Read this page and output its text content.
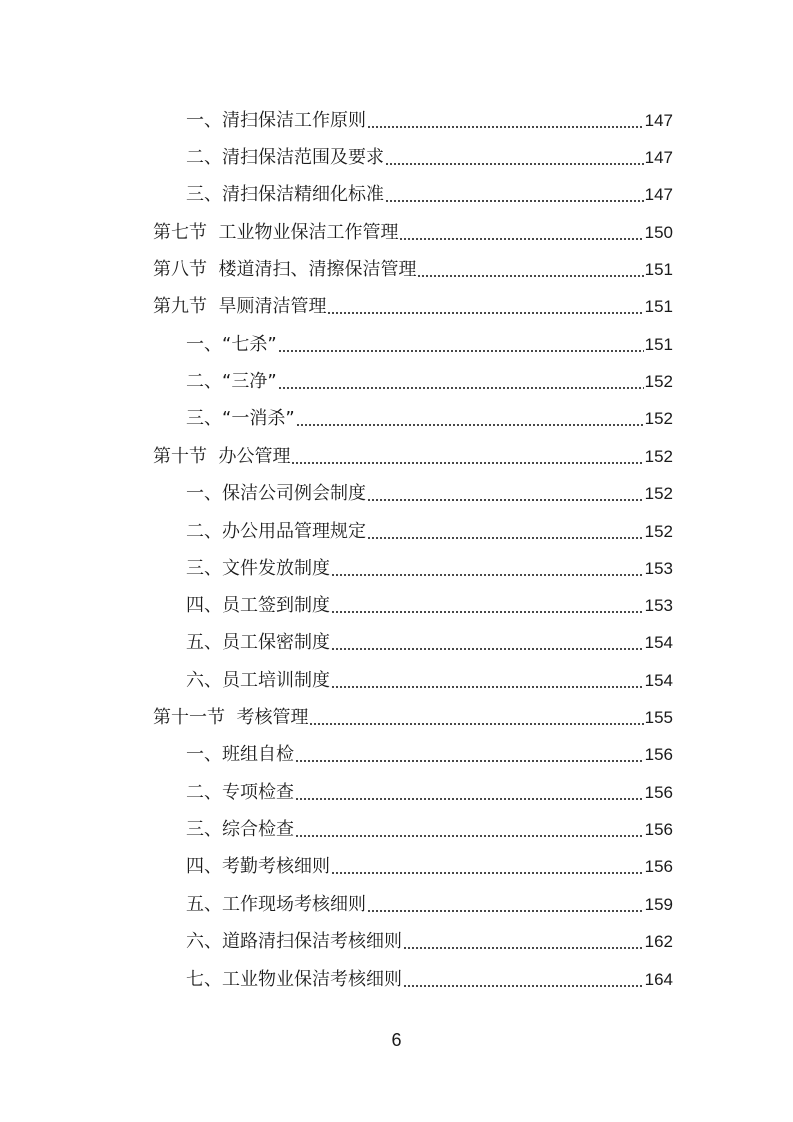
一、清扫保洁工作原则	147
二、清扫保洁范围及要求	147
三、清扫保洁精细化标准	147
第七节  工业物业保洁工作管理	150
第八节  楼道清扫、清擦保洁管理	151
第九节  旱厕清洁管理	151
一、“七杀”	151
二、“三净”	152
三、“一消杀”	152
第十节  办公管理	152
一、保洁公司例会制度	152
二、办公用品管理规定	152
三、文件发放制度	153
四、员工签到制度	153
五、员工保密制度	154
六、员工培训制度	154
第十一节  考核管理	155
一、班组自检	156
二、专项检查	156
三、综合检查	156
四、考勤考核细则	156
五、工作现场考核细则	159
六、道路清扫保洁考核细则	162
七、工业物业保洁考核细则	164
6
